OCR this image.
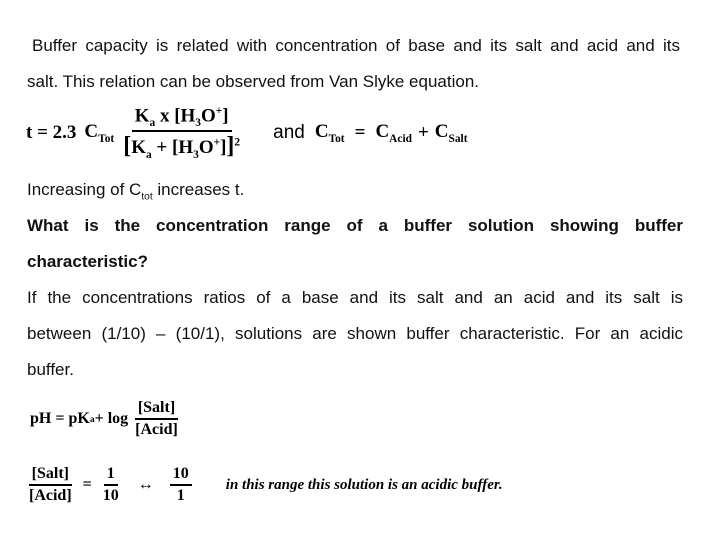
Buffer capacity is related with concentration of base and its salt and acid and its
salt. This relation can be observed from Van Slyke equation.
t = 2.3 $C_{Tot} \frac{K_a x [H_3O^+]}{[K_a + [H_3O^+]]^2}$ and $C_{Tot} = C_{Acid} + C_{Salt}$
Increasing of $C_{tot}$ increases t.
What is the concentration range of a buffer solution showing buffer
characteristic?
If the concentrations ratios of a base and its salt and an acid and its salt is
between (1/10) – (10/1), solutions are shown buffer characteristic. For an acidic
buffer.
pH = pK $a + \log \frac{\text{[Salt]}}{\text{[Acid]}}$
$\frac{\text{[Salt]}}{\text{[Acid]}} = \frac{1}{10}$ ↔ $\frac{10}{1}$ in this range this solution is an acidic buffer.
